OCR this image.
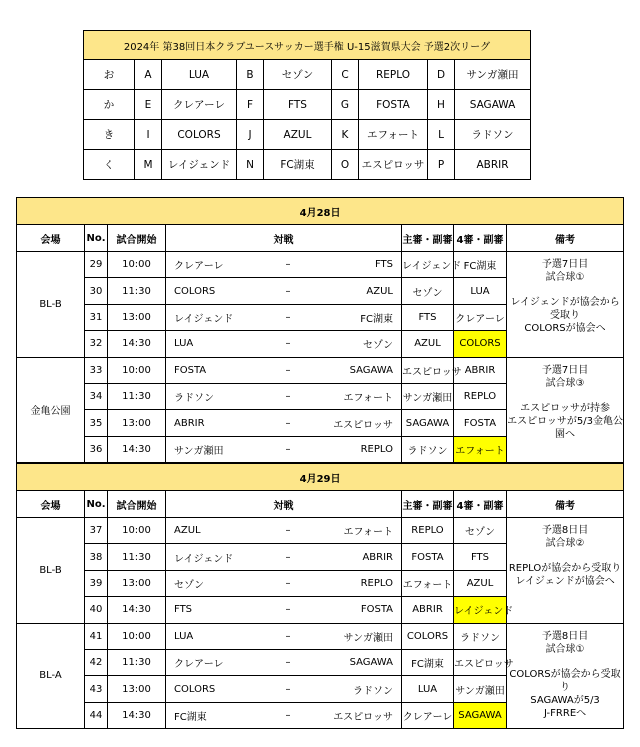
2024年 第38回日本クラブユースサッカー選手権 U-15滋賀県大会 予選2次リーグ								
お	A	LUA	B	セゾン	C	REPLO	D	サンガ瀬田
か	E	クレアーレ	F	FTS	G	FOSTA	H	SAGAWA
き	I	COLORS	J	AZUL	K	エフォート	L	ラドソン
く	M	レイジェンド	N	FC湖東	O	エスピロッサ	P	ABRIR
4月28日								
会場	No.	試合開始	対戦			主審・副審	4審・副審	備考
BL-B	29	10:00	クレアーレ	–	FTS	レイジェンド	FC湖東	予選7日目
試合球①
レイジェンドが協会から受取り
COLORSが協会へ

	30	11:30	COLORS	–	AZUL	セゾン	LUA	
	31	13:00	レイジェンド	–	FC湖東	FTS	クレアーレ	
	32	14:30	LUA	–	セゾン	AZUL	COLORS	
金亀公園	33	10:00	FOSTA	–	SAGAWA	エスピロッサ	ABRIR	予選7日目
試合球③
エスピロッサが持参
エスピロッサが5/3金亀公園へ

	34	11:30	ラドソン	–	エフォート	サンガ瀬田	REPLO	
	35	13:00	ABRIR	–	エスピロッサ	SAGAWA	FOSTA	
	36	14:30	サンガ瀬田	–	REPLO	ラドソン	エフォート	
4月29日								
会場	No.	試合開始	対戦			主審・副審	4審・副審	備考
BL-B	37	10:00	AZUL	–	エフォート	REPLO	セゾン	予選8日目
試合球②
REPLOが協会から受取り
レイジェンドが協会へ

	38	11:30	レイジェンド	–	ABRIR	FOSTA	FTS	
	39	13:00	セゾン	–	REPLO	エフォート	AZUL	
	40	14:30	FTS	–	FOSTA	ABRIR	レイジェンド	
BL-A	41	10:00	LUA	–	サンガ瀬田	COLORS	ラドソン	予選8日目
試合球①
COLORSが協会から受取り
SAGAWAが5/3
J-FRREへ

	42	11:30	クレアーレ	–	SAGAWA	FC湖東	エスピロッサ	
	43	13:00	COLORS	–	ラドソン	LUA	サンガ瀬田	
	44	14:30	FC湖東	–	エスピロッサ	クレアーレ	SAGAWA	
